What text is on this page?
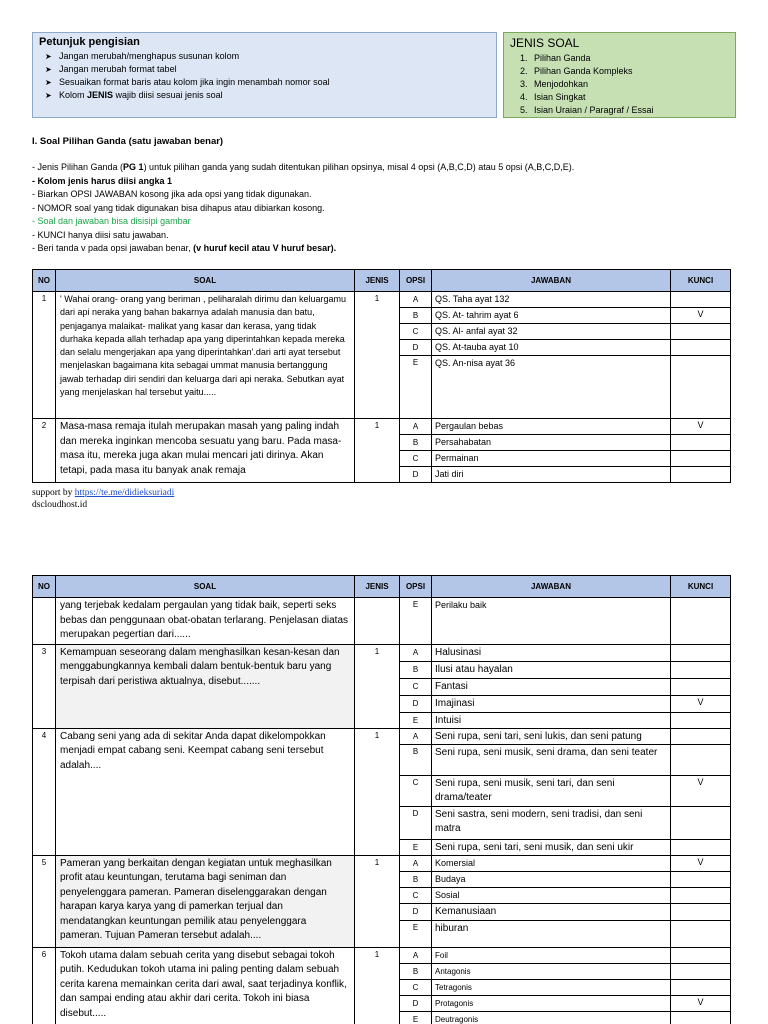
Petunjuk pengisian
➤ Jangan merubah/menghapus susunan kolom
➤ Jangan merubah format tabel
➤ Sesuaikan format baris atau kolom jika ingin menambah nomor soal
➤ Kolom JENIS wajib diisi sesuai jenis soal
JENIS SOAL
1. Pilihan Ganda
2. Pilihan Ganda Kompleks
3. Menjodohkan
4. Isian Singkat
5. Isian Uraian / Paragraf / Essai
I. Soal Pilihan Ganda (satu jawaban benar)
- Jenis Pilihan Ganda (PG 1) untuk pilihan ganda yang sudah ditentukan pilihan opsinya, misal 4 opsi (A,B,C,D) atau 5 opsi (A,B,C,D,E).
- Kolom jenis harus diisi angka 1
- Biarkan OPSI JAWABAN kosong jika ada opsi yang tidak digunakan.
- NOMOR soal yang tidak digunakan bisa dihapus atau dibiarkan kosong.
- Soal dan jawaban bisa disisipi gambar
- KUNCI hanya diisi satu jawaban.
- Beri tanda v pada opsi jawaban benar, (v huruf kecil atau V huruf besar).
NO	SOAL	JENIS	OPSI	JAWABAN	KUNCI
1	' Wahai orang- orang yang beriman , peliharalah dirimu dan keluargamu dari api neraka yang bahan bakarnya adalah manusia dan batu, penjaganya malaikat- malikat yang kasar dan kerasa, yang tidak durhaka kepada allah terhadap apa yang diperintahkan kepada mereka dan selalu mengerjakan apa yang diperintahkan'.dari arti ayat tersebut menjelaskan bagaimana kita sebagai ummat manusia bertanggung jawab terhadap diri sendiri dan keluarga dari api neraka. Sebutkan ayat yang menjelaskan hal tersebut yaitu.....	1	A	QS. Taha ayat 132	
			B	QS. At- tahrim ayat 6	V
			C	QS. Al- anfal ayat 32	
			D	QS. At-tauba ayat 10	
			E	QS. An-nisa ayat 36	
2	Masa-masa remaja itulah merupakan masah yang paling indah dan mereka inginkan mencoba sesuatu yang baru. Pada masa-masa itu, mereka juga akan mulai mencari jati dirinya. Akan tetapi, pada masa itu banyak anak remaja	1	A	Pergaulan bebas	V
			B	Persahabatan	
			C	Permainan	
			D	Jati diri	
support by https://te.me/didieksuriadi
dscloudhost.id
NO	SOAL	JENIS	OPSI	JAWABAN	KUNCI
	yang terjebak kedalam pergaulan yang tidak baik, seperti seks bebas dan penggunaan obat-obatan terlarang. Penjelasan diatas merupakan pegertian dari......		E	Perilaku baik	
3	Kemampuan seseorang dalam menghasilkan kesan-kesan dan menggabungkannya kembali dalam bentuk-bentuk baru yang terpisah dari peristiwa aktualnya, disebut.......	1	A	Halusinasi	
			B	Ilusi atau hayalan	
			C	Fantasi	
			D	Imajinasi	V
			E	Intuisi	
4	Cabang seni yang ada di sekitar Anda dapat dikelompokkan menjadi empat cabang seni. Keempat cabang seni tersebut adalah....	1	A	Seni rupa, seni tari, seni lukis, dan seni patung	
			B	Seni rupa, seni musik, seni drama, dan seni teater	
			C	Seni rupa, seni musik, seni tari, dan seni drama/teater	V
			D	Seni sastra, seni modern, seni tradisi, dan seni matra	
			E	Seni rupa, seni tari, seni musik, dan seni ukir	
5	Pameran yang berkaitan dengan kegiatan untuk meghasilkan profit atau keuntungan, terutama bagi seniman dan penyelenggara pameran. Pameran diselenggarakan dengan harapan karya karya yang di pamerkan terjual dan mendatangkan keuntungan pemilik atau penyelenggara pameran. Tujuan Pameran tersebut adalah....	1	A	Komersial	V
			B	Budaya	
			C	Sosial	
			D	Kemanusiaan	
			E	hiburan	
6	Tokoh utama dalam sebuah cerita yang disebut sebagai tokoh putih. Kedudukan tokoh utama ini paling penting dalam sebuah cerita karena memainkan cerita dari awal, saat terjadinya konflik, dan sampai ending atau akhir dari cerita. Tokoh ini biasa disebut.....	1	A	Foil	
			B	Antagonis	
			C	Tetragonis	
			D	Protagonis	V
			E	Deutragonis	
